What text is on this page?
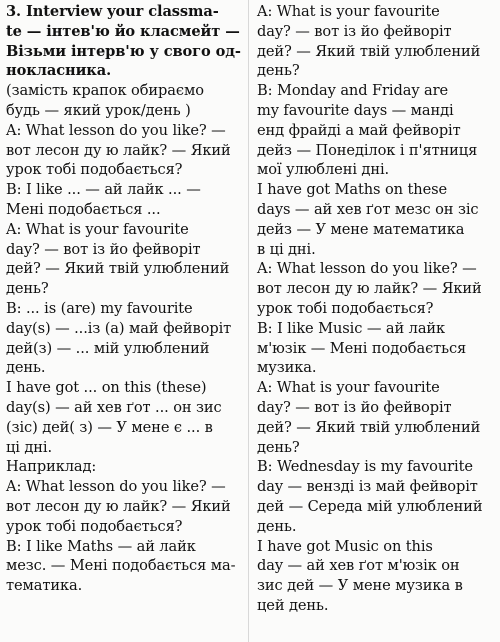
3. Interview your classma-
te — інтев'ю йо класмейт —
Візьми інтерв'ю у свого од-
нокласника.
(замість крапок обираємо
будь — який урок/день )
A: What lesson do you like? —
вот лесон ду ю лайк? — Який
урок тобі подобається?
B: I like ... — ай лайк ... —
Мені подобається ...
A: What is your favourite
day? — вот із йо фейворіт
дей? — Який твій улюблений
день?
B: ... is (are) my favourite
day(s) — ...із (а) май фейворіт
дей(з) — ... мій улюблений
день.
I have got ... on this (these)
day(s) — ай хев ґот ... он зис
(зіс) дей( з) — У мене є ... в
ці дні.
Наприклад:
A: What lesson do you like? —
вот лесон ду ю лайк? — Який
урок тобі подобається?
B: I like Maths — ай лайк
мезс. — Мені подобається ма-
тематика.
A: What is your favourite
day? — вот із йо фейворіт
дей? — Який твій улюблений
день?
B: Monday and Friday are
my favourite days — манді
енд фрайді а май фейворіт
дейз — Понеділок і п'ятниця
мої улюблені дні.
I have got Maths on these
days — ай хев ґот мезс он зіс
дейз — У мене математика
в ці дні.
A: What lesson do you like? —
вот лесон ду ю лайк? — Який
урок тобі подобається?
B: I like Music — ай лайк
м'юзік — Мені подобається
музика.
A: What is your favourite
day? — вот із йо фейворіт
дей? — Який твій улюблений
день?
B: Wednesday is my favourite
day — вензді із май фейворіт
дей — Середа мій улюблений
день.
I have got Music on this
day — ай хев ґот м'юзік он
зис дей — У мене музика в
цей день.
